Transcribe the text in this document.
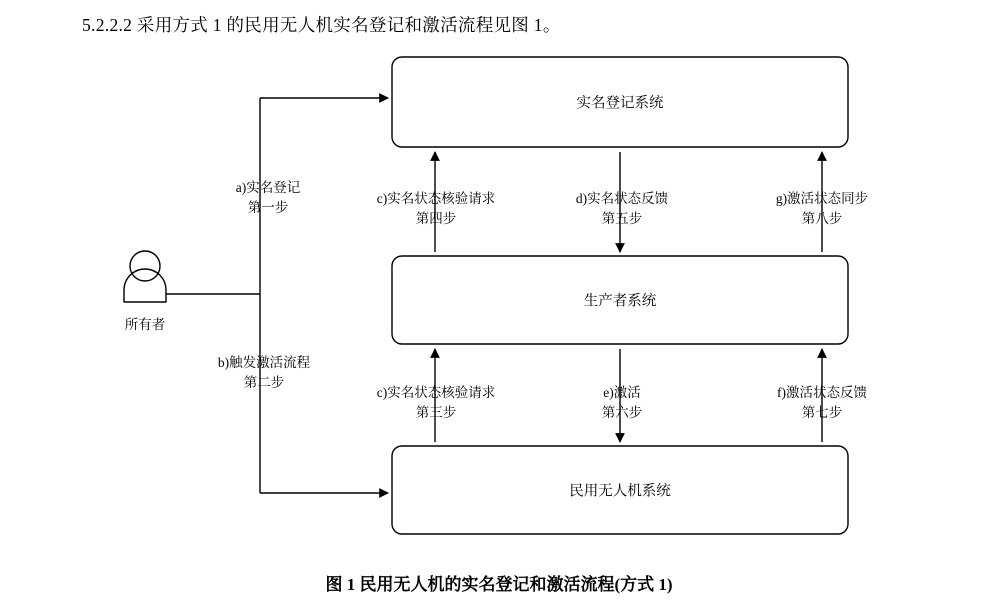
5.2.2.2 采用方式 1 的民用无人机实名登记和激活流程见图 1。
实名登记系统
生产者系统
民用无人机系统
所有者
a)实名登记
第一步
b)触发激活流程
第二步
c)实名状态核验请求
第四步
d)实名状态反馈
第五步
g)激活状态同步
第八步
c)实名状态核验请求
第三步
e)激活
第六步
f)激活状态反馈
第七步
图 1 民用无人机的实名登记和激活流程(方式 1)
